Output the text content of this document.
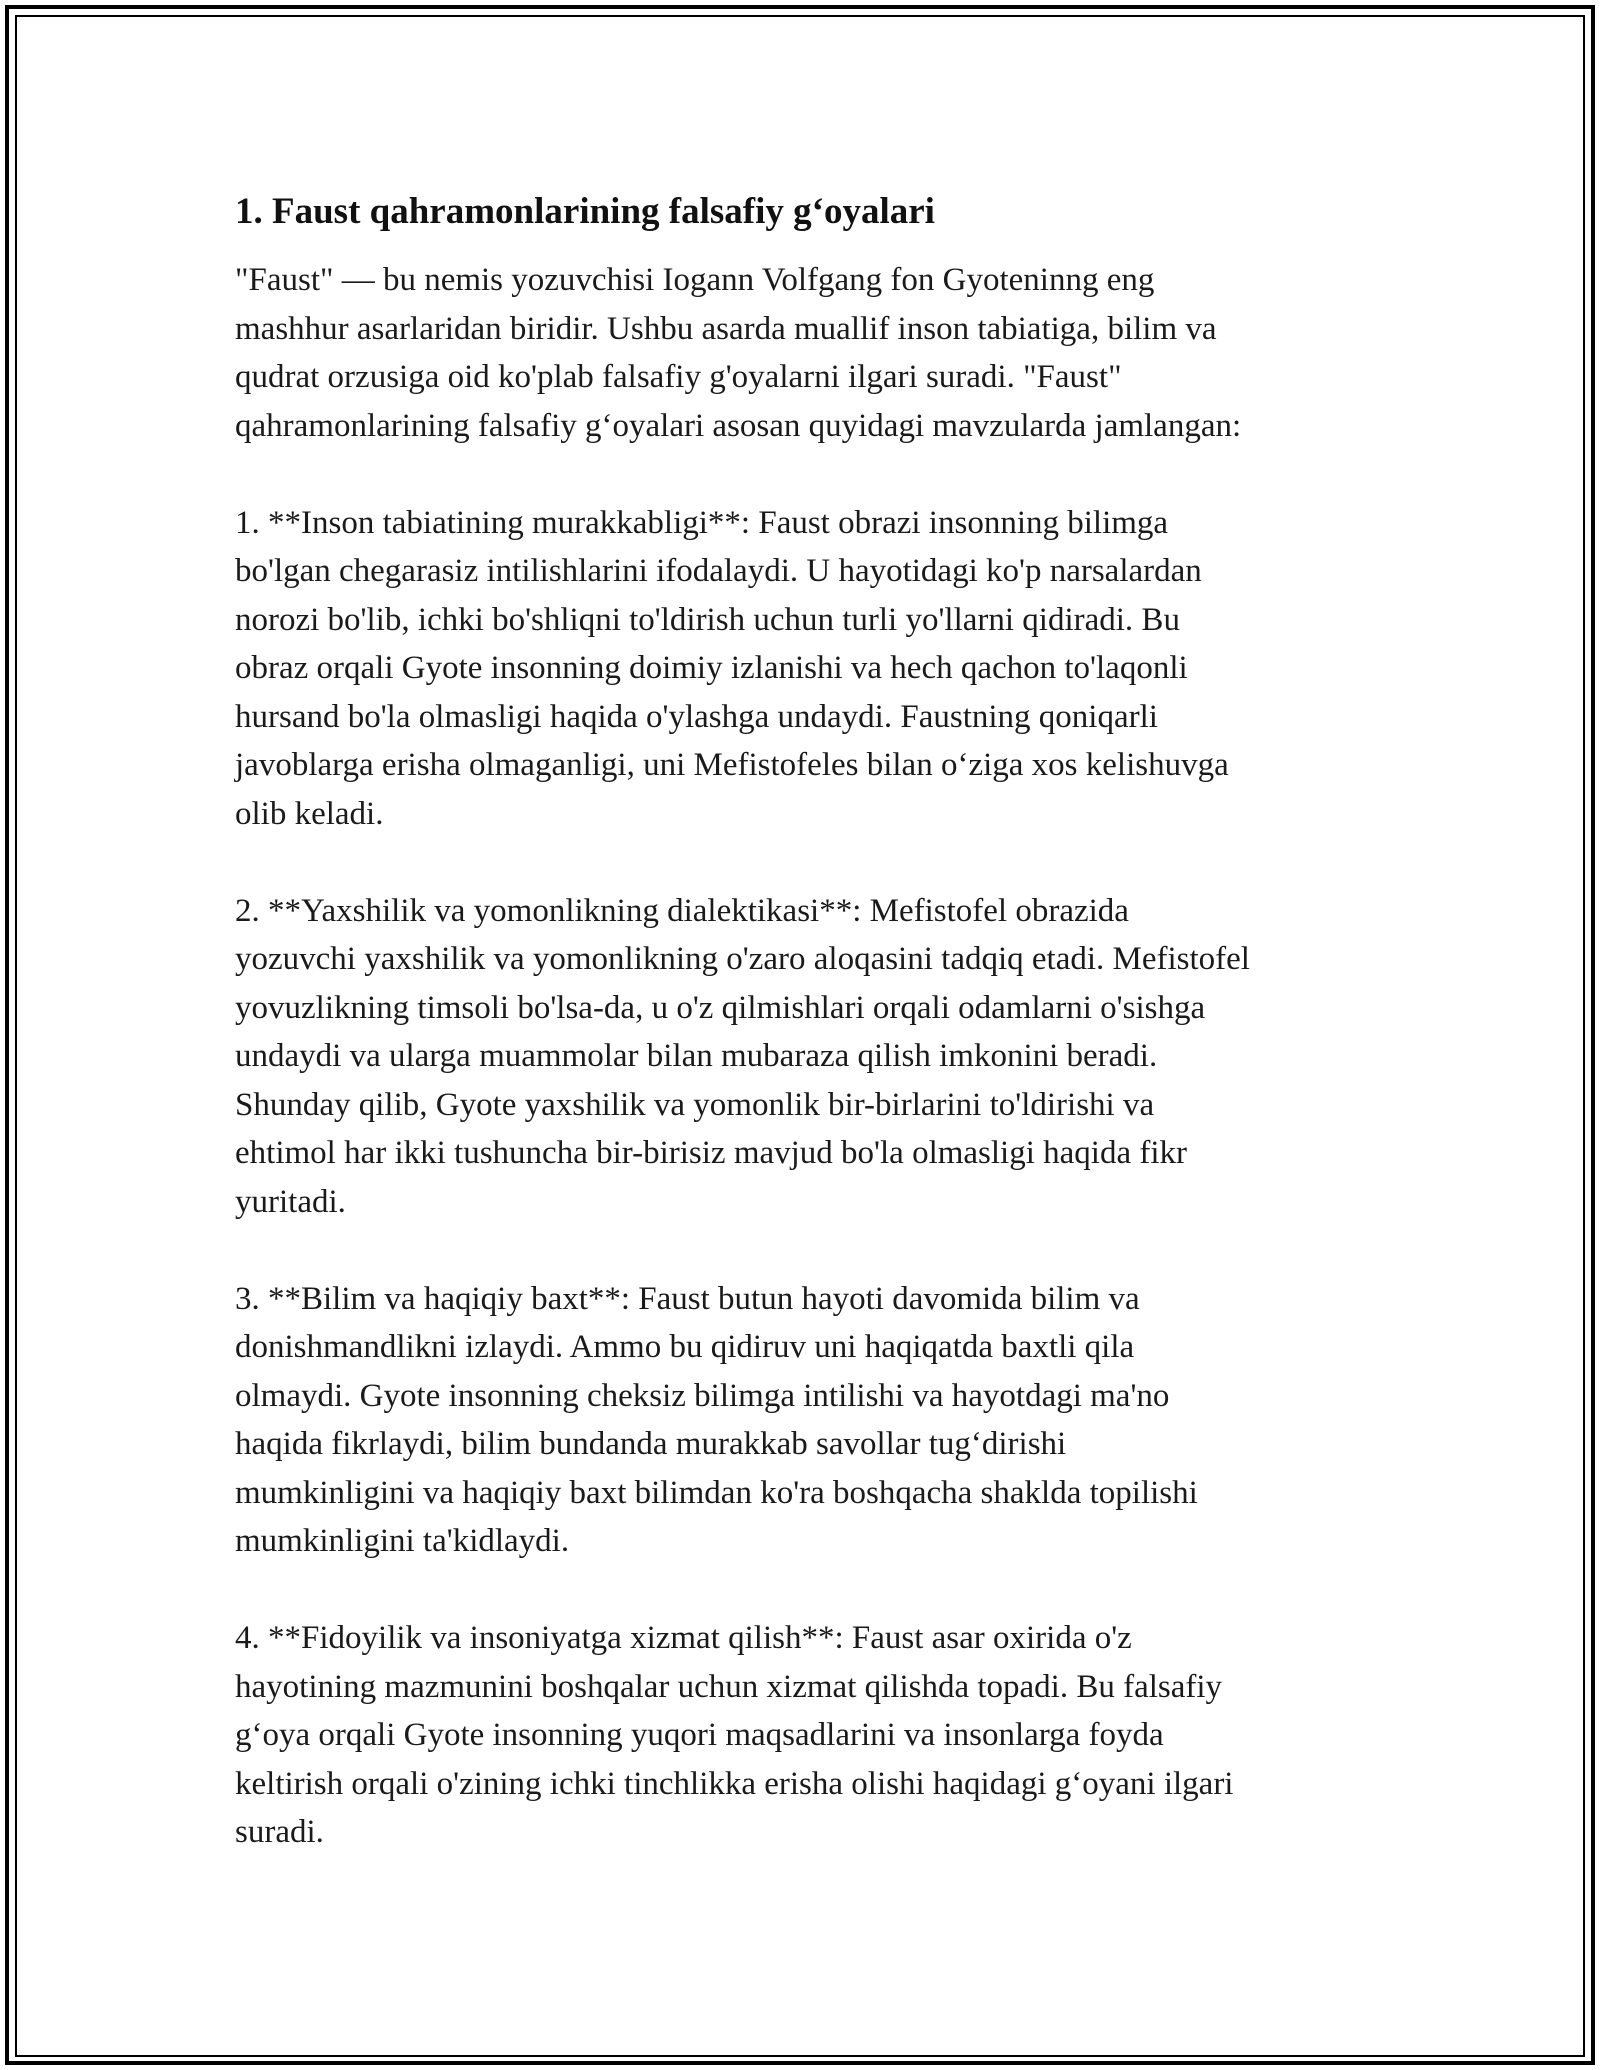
1. Faust qahramonlarining falsafiy g‘oyalari

"Faust" — bu nemis yozuvchisi Iogann Volfgang fon Gyoteninng eng
mashhur asarlaridan biridir. Ushbu asarda muallif inson tabiatiga, bilim va
qudrat orzusiga oid ko'plab falsafiy g'oyalarni ilgari suradi. "Faust"
qahramonlarining falsafiy g‘oyalari asosan quyidagi mavzularda jamlangan:

1. **Inson tabiatining murakkabligi**: Faust obrazi insonning bilimga
bo'lgan chegarasiz intilishlarini ifodalaydi. U hayotidagi ko'p narsalardan
norozi bo'lib, ichki bo'shliqni to'ldirish uchun turli yo'llarni qidiradi. Bu
obraz orqali Gyote insonning doimiy izlanishi va hech qachon to'laqonli
hursand bo'la olmasligi haqida o'ylashga undaydi. Faustning qoniqarli
javoblarga erisha olmaganligi, uni Mefistofeles bilan o‘ziga xos kelishuvga
olib keladi.

2. **Yaxshilik va yomonlikning dialektikasi**: Mefistofel obrazida
yozuvchi yaxshilik va yomonlikning o'zaro aloqasini tadqiq etadi. Mefistofel
yovuzlikning timsoli bo'lsa-da, u o'z qilmishlari orqali odamlarni o'sishga
undaydi va ularga muammolar bilan mubaraza qilish imkonini beradi.
Shunday qilib, Gyote yaxshilik va yomonlik bir-birlarini to'ldirishi va
ehtimol har ikki tushuncha bir-birisiz mavjud bo'la olmasligi haqida fikr
yuritadi.

3. **Bilim va haqiqiy baxt**: Faust butun hayoti davomida bilim va
donishmandlikni izlaydi. Ammo bu qidiruv uni haqiqatda baxtli qila
olmaydi. Gyote insonning cheksiz bilimga intilishi va hayotdagi ma'no
haqida fikrlaydi, bilim bundanda murakkab savollar tug‘dirishi
mumkinligini va haqiqiy baxt bilimdan ko'ra boshqacha shaklda topilishi
mumkinligini ta'kidlaydi.

4. **Fidoyilik va insoniyatga xizmat qilish**: Faust asar oxirida o'z
hayotining mazmunini boshqalar uchun xizmat qilishda topadi. Bu falsafiy
g‘oya orqali Gyote insonning yuqori maqsadlarini va insonlarga foyda
keltirish orqali o'zining ichki tinchlikka erisha olishi haqidagi g‘oyani ilgari
suradi.
